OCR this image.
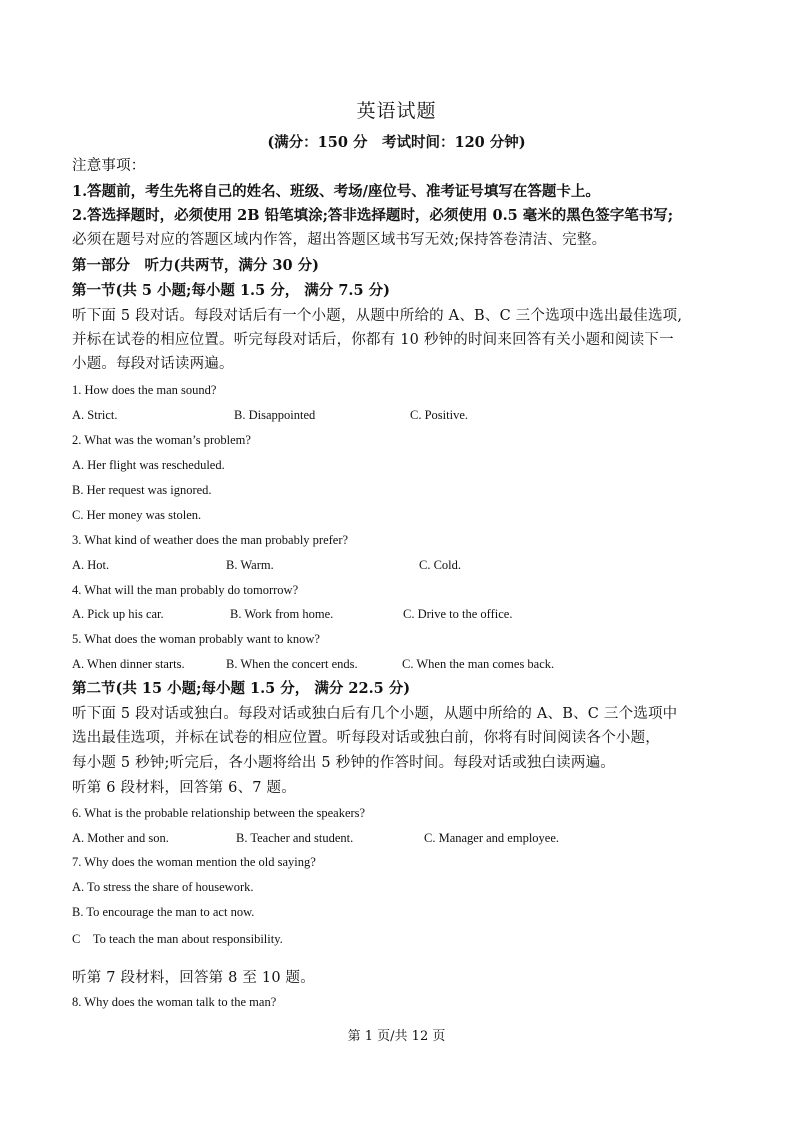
英语试题
(满分：150 分　考试时间：120 分钟)
注意事项：
1.答题前，考生先将自己的姓名、班级、考场/座位号、准考证号填写在答题卡上。
2.答选择题时，必须使用 2B 铅笔填涂;答非选择题时，必须使用 0.5 毫米的黑色签字笔书写;
必须在题号对应的答题区域内作答，超出答题区域书写无效;保持答卷清洁、完整。
第一部分　听力(共两节，满分 30 分)
第一节(共 5 小题;每小题 1.5 分， 满分 7.5 分)
听下面 5 段对话。每段对话后有一个小题，从题中所给的 A、B、C 三个选项中选出最佳选项,
并标在试卷的相应位置。听完每段对话后，你都有 10 秒钟的时间来回答有关小题和阅读下一
小题。每段对话读两遍。
1. How does the man sound?
A. Strict.	B. Disappointed	C. Positive.
2. What was the woman’s problem?
A. Her flight was rescheduled.
B. Her request was ignored.
C. Her money was stolen.
3. What kind of weather does the man probably prefer?
A. Hot.	B. Warm.	C. Cold.
4. What will the man probably do tomorrow?
A. Pick up his car.	B. Work from home.	C. Drive to the office.
5. What does the woman probably want to know?
A. When dinner starts.	B. When the concert ends.	C. When the man comes back.
第二节(共 15 小题;每小题 1.5 分， 满分 22.5 分)
听下面 5 段对话或独白。每段对话或独白后有几个小题，从题中所给的 A、B、C 三个选项中
选出最佳选项，并标在试卷的相应位置。听每段对话或独白前，你将有时间阅读各个小题，
每小题 5 秒钟;听完后，各小题将给出 5 秒钟的作答时间。每段对话或独白读两遍。
听第 6 段材料，回答第 6、7 题。
6. What is the probable relationship between the speakers?
A. Mother and son.	B. Teacher and student.	C. Manager and employee.
7. Why does the woman mention the old saying?
A. To stress the share of housework.
B. To encourage the man to act now.
C　To teach the man about responsibility.
听第 7 段材料，回答第 8 至 10 题。
8. Why does the woman talk to the man?
第 1 页/共 12 页
